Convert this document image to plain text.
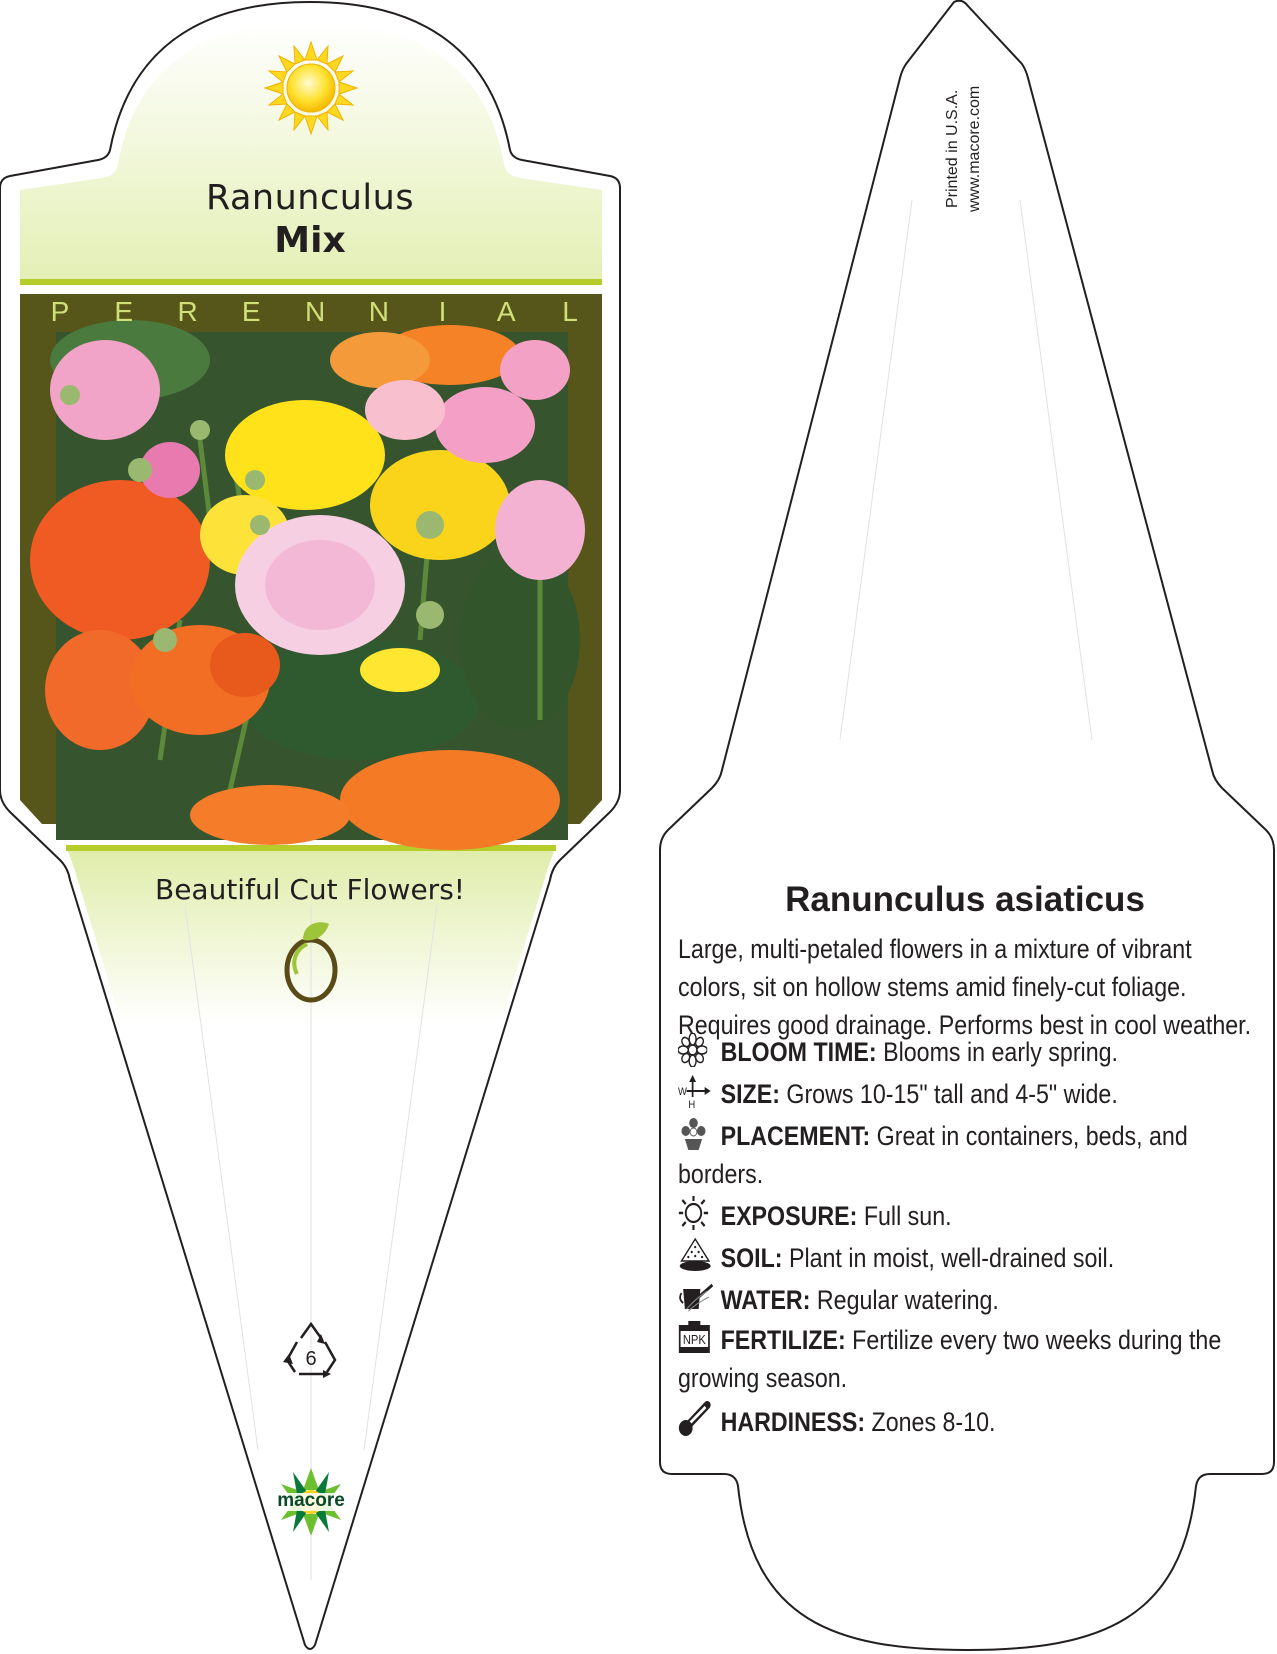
Ranunculus
Mix
P E R E N N I A L
Beautiful Cut Flowers!
6
macore
Printed in U.S.A. www.macore.com
Ranunculus asiaticus
Large, multi-petaled flowers in a mixture of vibrant colors, sit on hollow stems amid finely-cut foliage. Requires good drainage. Performs best in cool weather.
BLOOM TIME: Blooms in early spring.
W
H SIZE: Grows 10-15" tall and 4-5" wide.
PLACEMENT: Great in containers, beds, and borders.
EXPOSURE: Full sun.
SOIL: Plant in moist, well-drained soil.
WATER: Regular watering.
NPK FERTILIZE: Fertilize every two weeks during the growing season.
HARDINESS: Zones 8-10.
